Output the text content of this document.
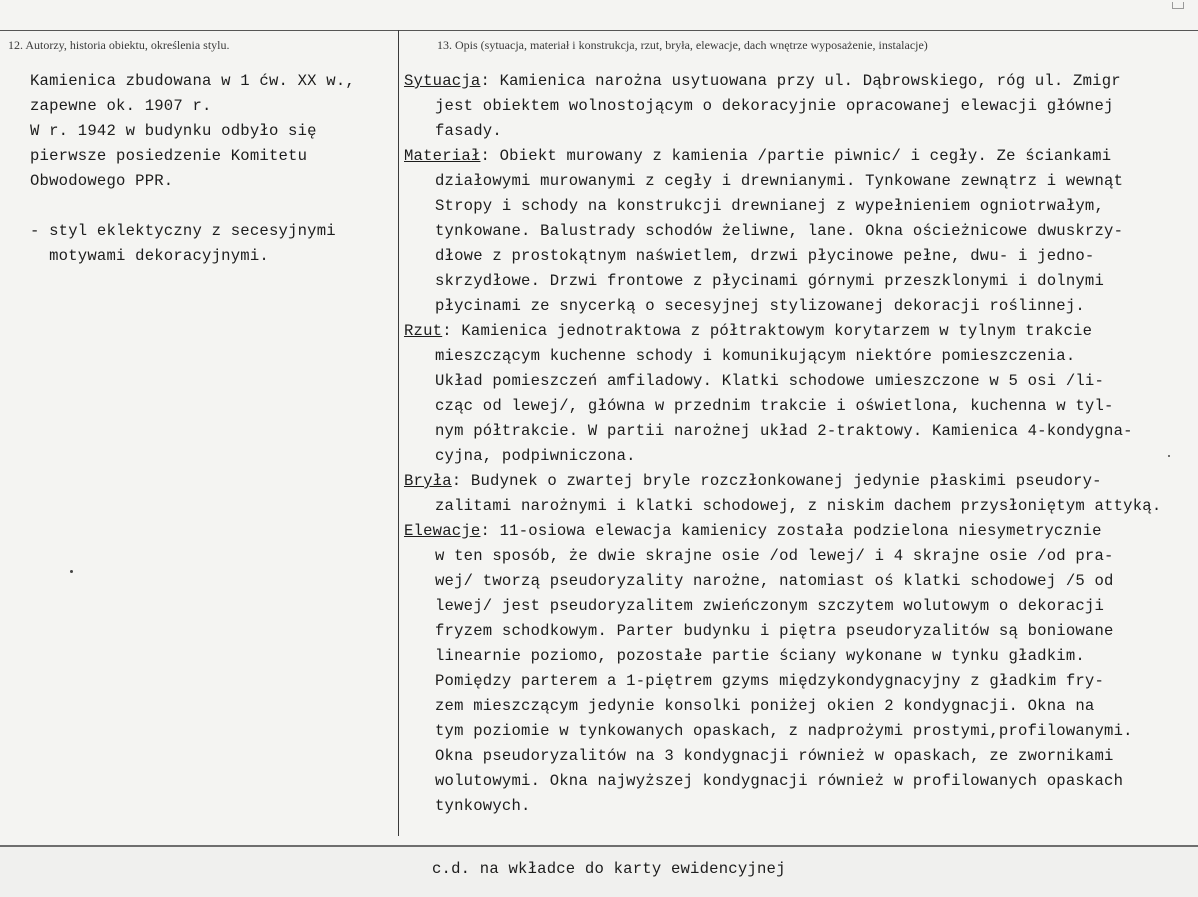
12. Autorzy, historia obiektu, określenia stylu.	13. Opis (sytuacja, materiał i konstrukcja, rzut, bryła, elewacje, dach wnętrze wyposażenie, instalacje)
Kamienica zbudowana w 1 ćw. XX w.,
zapewne ok. 1907 r.
W r. 1942 w budynku odbyło się
pierwsze posiedzenie Komitetu
Obwodowego PPR.
- styl eklektyczny z secesyjnymi
motywami dekoracyjnymi.
Sytuacja: Kamienica narożna usytuowana przy ul. Dąbrowskiego, róg ul. Zmigr
jest obiektem wolnostojącym o dekoracyjnie opracowanej elewacji głównej
fasady.
Materiał: Obiekt murowany z kamienia /partie piwnic/ i cegły. Ze ściankami
działowymi murowanymi z cegły i drewnianymi. Tynkowane zewnątrz i wewnąt
Stropy i schody na konstrukcji drewnianej z wypełnieniem ogniotrwałym,
tynkowane. Balustrady schodów żeliwne, lane. Okna ościeżnicowe dwuskrzy-
dłowe z prostokątnym naświetlem, drzwi płycinowe pełne, dwu- i jedno-
skrzydłowe. Drzwi frontowe z płycinami górnymi przeszklonymi i dolnymi
płycinami ze snycerką o secesyjnej stylizowanej dekoracji roślinnej.
Rzut: Kamienica jednotraktowa z półtraktowym korytarzem w tylnym trakcie
mieszczącym kuchenne schody i komunikującym niektóre pomieszczenia.
Układ pomieszczeń amfiladowy. Klatki schodowe umieszczone w 5 osi /li-
cząc od lewej/, główna w przednim trakcie i oświetlona, kuchenna w tyl-
nym półtrakcie. W partii narożnej układ 2-traktowy. Kamienica 4-kondygna-
cyjna, podpiwniczona.
Bryła: Budynek o zwartej bryle rozczłonkowanej jedynie płaskimi pseudory-
zalitami narożnymi i klatki schodowej, z niskim dachem przysłoniętym attyką.
Elewacje: 11-osiowa elewacja kamienicy została podzielona niesymetrycznie
w ten sposób, że dwie skrajne osie /od lewej/ i 4 skrajne osie /od pra-
wej/ tworzą pseudoryzality narożne, natomiast oś klatki schodowej /5 od
lewej/ jest pseudoryzalitem zwieńczonym szczytem wolutowym o dekoracji
fryzem schodkowym. Parter budynku i piętra pseudoryzalitów są boniowane
linearnie poziomo, pozostałe partie ściany wykonane w tynku gładkim.
Pomiędzy parterem a 1-piętrem gzyms międzykondygnacyjny z gładkim fry-
zem mieszczącym jedynie konsolki poniżej okien 2 kondygnacji. Okna na
tym poziomie w tynkowanych opaskach, z nadprożymi prostymi,profilowanymi.
Okna pseudoryzalitów na 3 kondygnacji również w opaskach, ze zwornikami
wolutowymi. Okna najwyższej kondygnacji również w profilowanych opaskach
tynkowych.
c.d. na wkładce do karty ewidencyjnej
